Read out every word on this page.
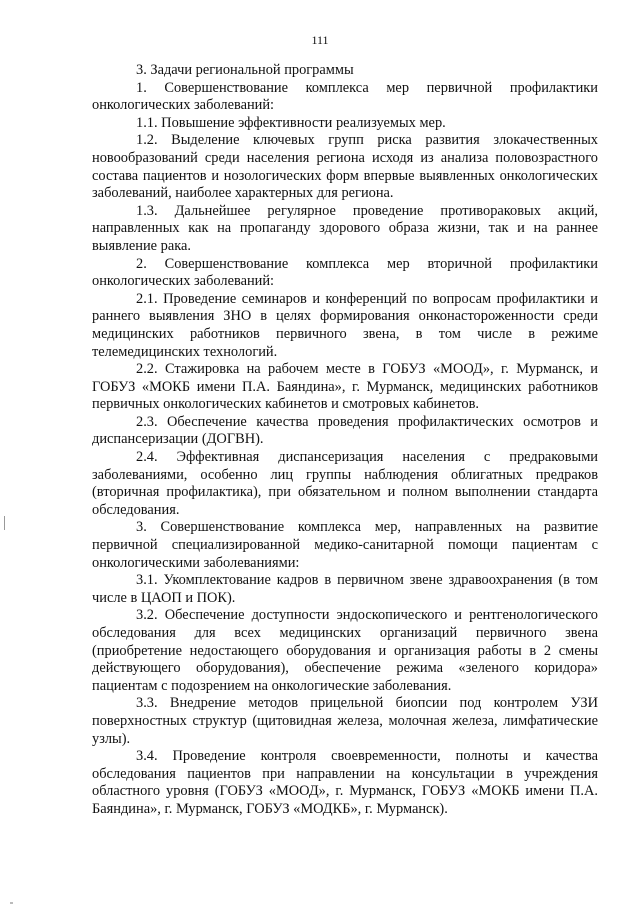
111

3. Задачи региональной программы

1. Совершенствование комплекса мер первичной профилактики онкологических заболеваний:

1.1. Повышение эффективности реализуемых мер.

1.2. Выделение ключевых групп риска развития злокачественных новообразований среди населения региона исходя из анализа половозрастного состава пациентов и нозологических форм впервые выявленных онкологических заболеваний, наиболее характерных для региона.

1.3. Дальнейшее регулярное проведение противораковых акций, направленных как на пропаганду здорового образа жизни, так и на раннее выявление рака.

2. Совершенствование комплекса мер вторичной профилактики онкологических заболеваний:

2.1. Проведение семинаров и конференций по вопросам профилактики и раннего выявления ЗНО в целях формирования онконастороженности среди медицинских работников первичного звена, в том числе в режиме телемедицинских технологий.

2.2. Стажировка на рабочем месте в ГОБУЗ «МООД», г. Мурманск, и ГОБУЗ «МОКБ имени П.А. Баяндина», г. Мурманск, медицинских работников первичных онкологических кабинетов и смотровых кабинетов.

2.3. Обеспечение качества проведения профилактических осмотров и диспансеризации (ДОГВН).

2.4. Эффективная диспансеризация населения с предраковыми заболеваниями, особенно лиц группы наблюдения облигатных предраков (вторичная профилактика), при обязательном и полном выполнении стандарта обследования.

3. Совершенствование комплекса мер, направленных на развитие первичной специализированной медико-санитарной помощи пациентам с онкологическими заболеваниями:

3.1. Укомплектование кадров в первичном звене здравоохранения (в том числе в ЦАОП и ПОК).

3.2. Обеспечение доступности эндоскопического и рентгенологического обследования для всех медицинских организаций первичного звена (приобретение недостающего оборудования и организация работы в 2 смены действующего оборудования), обеспечение режима «зеленого коридора» пациентам с подозрением на онкологические заболевания.

3.3. Внедрение методов прицельной биопсии под контролем УЗИ поверхностных структур (щитовидная железа, молочная железа, лимфатические узлы).

3.4. Проведение контроля своевременности, полноты и качества обследования пациентов при направлении на консультации в учреждения областного уровня (ГОБУЗ «МООД», г. Мурманск, ГОБУЗ «МОКБ имени П.А. Баяндина», г. Мурманск, ГОБУЗ «МОДКБ», г. Мурманск).
